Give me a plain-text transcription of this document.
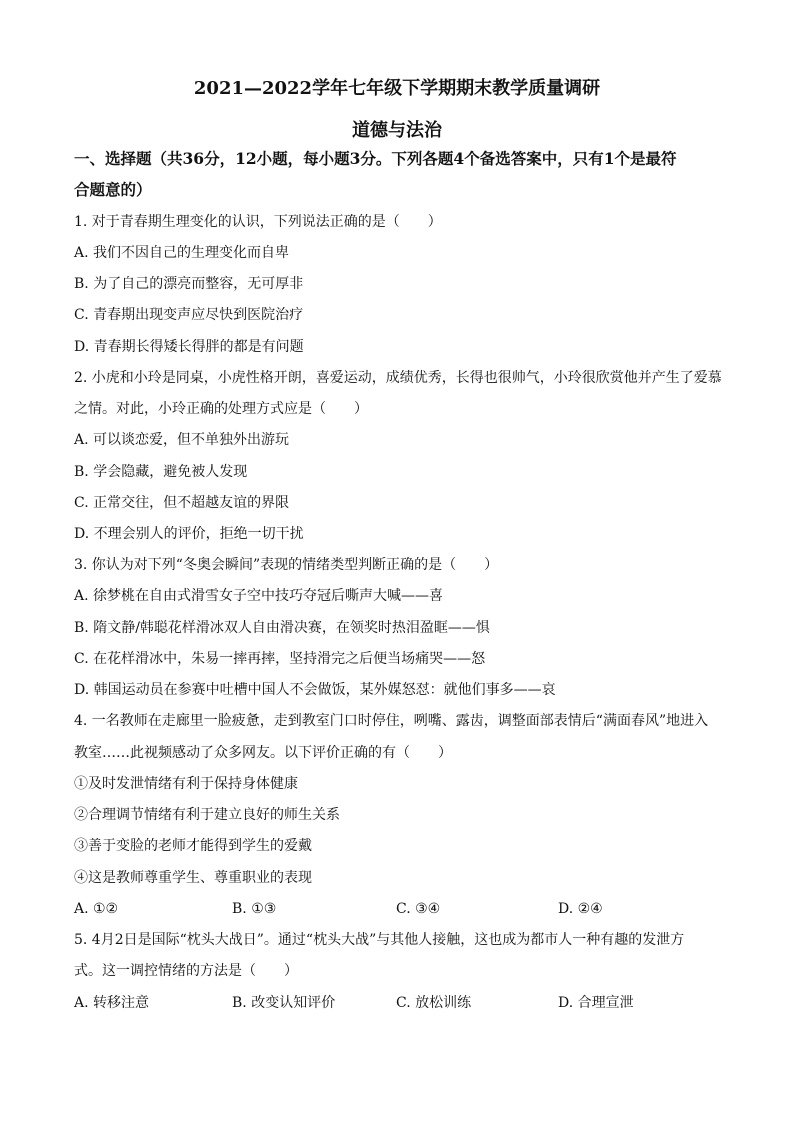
2021—2022学年七年级下学期期末教学质量调研
道德与法治
一、选择题（共36分，12小题，每小题3分。下列各题4个备选答案中，只有1个是最符
合题意的）
1. 对于青春期生理变化的认识，下列说法正确的是（　　）
A. 我们不因自己的生理变化而自卑
B. 为了自己的漂亮而整容，无可厚非
C. 青春期出现变声应尽快到医院治疗
D. 青春期长得矮长得胖的都是有问题
2. 小虎和小玲是同桌，小虎性格开朗，喜爱运动，成绩优秀，长得也很帅气，小玲很欣赏他并产生了爱慕
之情。对此，小玲正确的处理方式应是（　　）
A. 可以谈恋爱，但不单独外出游玩
B. 学会隐藏，避免被人发现
C. 正常交往，但不超越友谊的界限
D. 不理会别人的评价，拒绝一切干扰
3. 你认为对下列“冬奥会瞬间”表现的情绪类型判断正确的是（　　）
A. 徐梦桃在自由式滑雪女子空中技巧夺冠后嘶声大喊——喜
B. 隋文静/韩聪花样滑冰双人自由滑决赛，在领奖时热泪盈眶——惧
C. 在花样滑冰中，朱易一摔再摔，坚持滑完之后便当场痛哭——怒
D. 韩国运动员在参赛中吐槽中国人不会做饭，某外媒怒怼：就他们事多——哀
4. 一名教师在走廊里一脸疲惫，走到教室门口时停住，咧嘴、露齿，调整面部表情后“满面春风”地进入
教室……此视频感动了众多网友。以下评价正确的有（　　）
①及时发泄情绪有利于保持身体健康
②合理调节情绪有利于建立良好的师生关系
③善于变脸的老师才能得到学生的爱戴
④这是教师尊重学生、尊重职业的表现
A. ①②	B. ①③	C. ③④	D. ②④
5. 4月2日是国际“枕头大战日”。通过“枕头大战”与其他人接触，这也成为都市人一种有趣的发泄方
式。这一调控情绪的方法是（　　）
A. 转移注意	B. 改变认知评价	C. 放松训练	D. 合理宣泄
